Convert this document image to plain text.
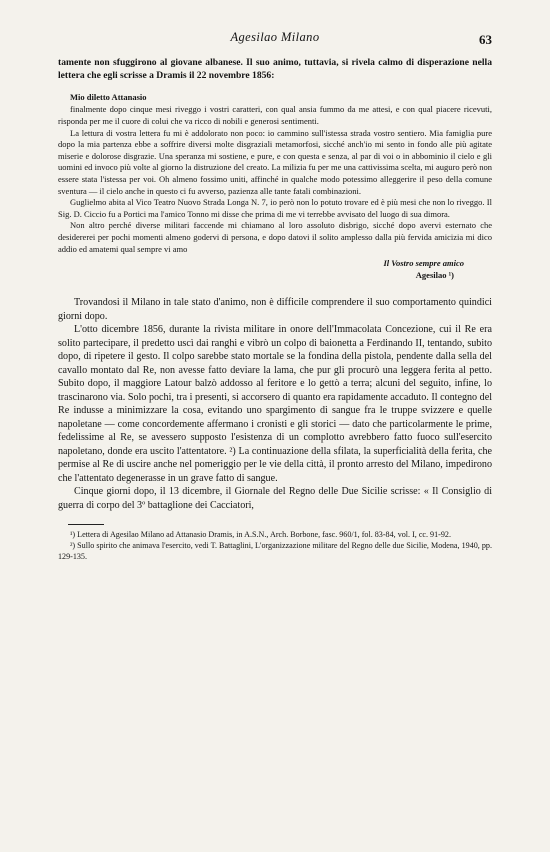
Agesilao Milano	63

tamente non sfuggirono al giovane albanese. Il suo animo, tuttavia, si rivela calmo di disperazione nella lettera che egli scrisse a Dramis il 22 novembre 1856:

Mio diletto Attanasio

finalmente dopo cinque mesi riveggo i vostri caratteri, con qual ansia fummo da me attesi, e con qual piacere ricevuti, risponda per me il cuore di colui che va ricco di nobili e generosi sentimenti.

La lettura di vostra lettera fu mi è addolorato non poco: io cammino sull'istessa strada vostro sentiero. Mia famiglia pure dopo la mia partenza ebbe a soffrire diversi molte disgraziali metamorfosi, sicché anch'io mi sento in fondo alle più agitate miserie e dolorose disgrazie. Una speranza mi sostiene, e pure, e con questa e senza, al par di voi o in abbominio il cielo e gli uomini ed invoco più volte al giorno la distruzione del creato. La milizia fu per me una cattivissima scelta, mi auguro però non essere stata l'istessa per voi. Oh almeno fossimo uniti, affinché in qualche modo potessimo alleggerire il peso della comune sventura — il cielo anche in questo ci fu avverso, pazienza alle tante fatali combinazioni.

Guglielmo abita al Vico Teatro Nuovo Strada Longa N. 7, io però non lo potuto trovare ed è più mesi che non lo riveggo. Il Sig. D. Ciccio fu a Portici ma l'amico Tonno mi disse che prima di me vi terrebbe avvisato del luogo di sua dimora.

Non altro perché diverse militari faccende mi chiamano al loro assoluto disbrigo, sicché dopo avervi esternato che desidererei per pochi momenti almeno godervi di persona, e dopo datovi il solito amplesso dalla più fervida amicizia mi dico addio ed amatemi qual sempre vi amo

Il Vostro sempre amico

Agesilao ¹)

Trovandosi il Milano in tale stato d'animo, non è difficile comprendere il suo comportamento quindici giorni dopo.

L'otto dicembre 1856, durante la rivista militare in onore dell'Immacolata Concezione, cui il Re era solito partecipare, il predetto uscì dai ranghi e vibrò un colpo di baionetta a Ferdinando II, tentando, subito dopo, di ripetere il gesto. Il colpo sarebbe stato mortale se la fondina della pistola, pendente dalla sella del cavallo montato dal Re, non avesse fatto deviare la lama, che pur gli procurò una leggera ferita al petto. Subito dopo, il maggiore Latour balzò addosso al feritore e lo gettò a terra; alcuni del seguito, infine, lo trascinarono via. Solo pochi, tra i presenti, si accorsero di quanto era rapidamente accaduto. Il contegno del Re indusse a minimizzare la cosa, evitando uno spargimento di sangue fra le truppe svizzere e quelle napoletane — come concordemente affermano i cronisti e gli storici — dato che particolarmente le prime, fedelissime al Re, se avessero supposto l'esistenza di un complotto avrebbero fatto fuoco sull'esercito napoletano, donde era uscito l'attentatore. ²) La continuazione della sfilata, la superficialità della ferita, che permise al Re di uscire anche nel pomeriggio per le vie della città, il pronto arresto del Milano, impedirono che l'attentato degenerasse in un grave fatto di sangue.

Cinque giorni dopo, il 13 dicembre, il Giornale del Regno delle Due Sicilie scrisse: « Il Consiglio di guerra di corpo del 3º battaglione dei Cacciatori,

¹) Lettera di Agesilao Milano ad Attanasio Dramis, in A.S.N., Arch. Borbone, fasc. 960/1, fol. 83-84, vol. I, cc. 91-92.

²) Sullo spirito che animava l'esercito, vedi T. Battaglini, L'organizzazione militare del Regno delle due Sicilie, Modena, 1940, pp. 129-135.
